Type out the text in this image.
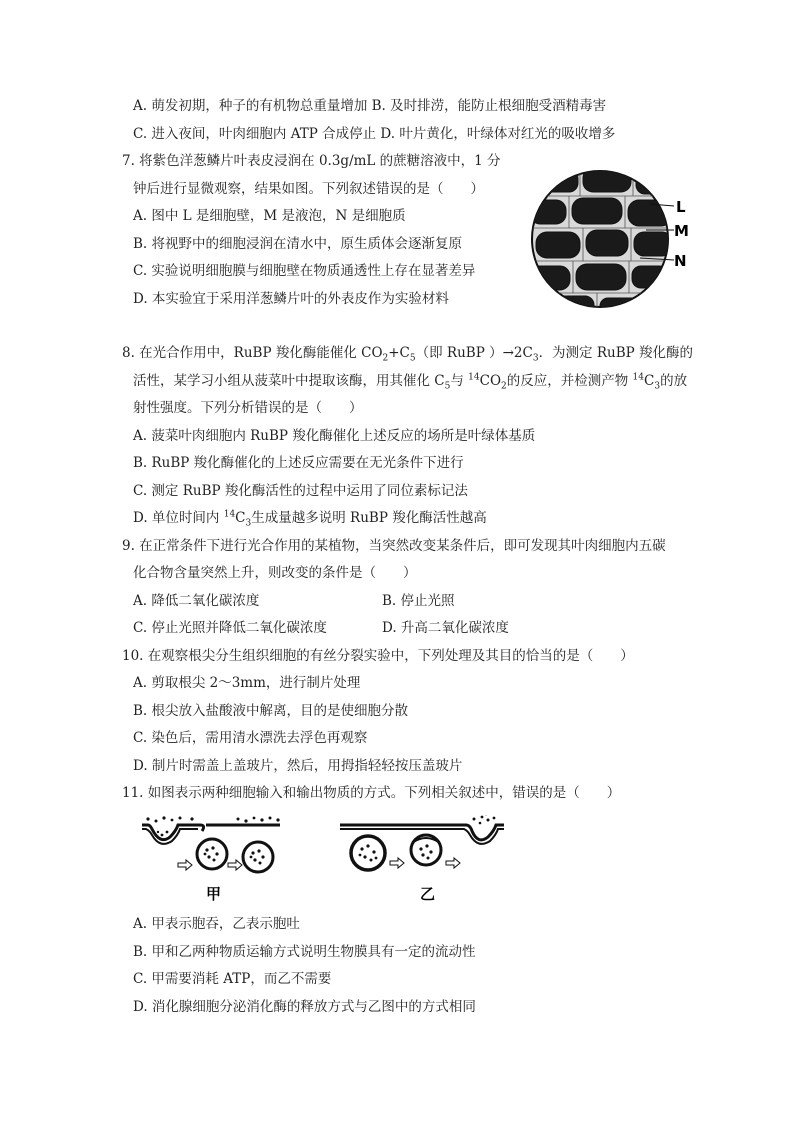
A. 萌发初期，种子的有机物总重量增加 B. 及时排涝，能防止根细胞受酒精毒害
C. 进入夜间，叶肉细胞内 ATP 合成停止 D. 叶片黄化，叶绿体对红光的吸收增多
7. 将紫色洋葱鳞片叶表皮浸润在 0.3g/mL 的蔗糖溶液中，1 分
钟后进行显微观察，结果如图。下列叙述错误的是（　　）
A. 图中 L 是细胞壁，M 是液泡，N 是细胞质
B. 将视野中的细胞浸润在清水中，原生质体会逐渐复原
C. 实验说明细胞膜与细胞壁在物质通透性上存在显著差异
D. 本实验宜于采用洋葱鳞片叶的外表皮作为实验材料
L
M
N
8. 在光合作用中，RuBP 羧化酶能催化 $CO_2+C_5$（即 RuBP ）$\to 2C_3$．为测定 RuBP 羧化酶的
活性，某学习小组从菠菜叶中提取该酶，用其催化 $C_5$与 $^{14}CO_2$的反应，并检测产物 $^{14}C_3$的放
射性强度。下列分析错误的是（　　）
A. 菠菜叶肉细胞内 RuBP 羧化酶催化上述反应的场所是叶绿体基质
B. RuBP 羧化酶催化的上述反应需要在无光条件下进行
C. 测定 RuBP 羧化酶活性的过程中运用了同位素标记法
D. 单位时间内 $^{14}C_3$生成量越多说明 RuBP 羧化酶活性越高
9. 在正常条件下进行光合作用的某植物，当突然改变某条件后，即可发现其叶肉细胞内五碳
化合物含量突然上升，则改变的条件是（　　）
A. 降低二氧化碳浓度	B. 停止光照
C. 停止光照并降低二氧化碳浓度	D. 升高二氧化碳浓度
10. 在观察根尖分生组织细胞的有丝分裂实验中，下列处理及其目的恰当的是（　　）
A. 剪取根尖 2～3mm，进行制片处理
B. 根尖放入盐酸液中解离，目的是使细胞分散
C. 染色后，需用清水漂洗去浮色再观察
D. 制片时需盖上盖玻片，然后，用拇指轻轻按压盖玻片
11. 如图表示两种细胞输入和输出物质的方式。下列相关叙述中，错误的是（　　）
甲	乙
A. 甲表示胞吞，乙表示胞吐
B. 甲和乙两种物质运输方式说明生物膜具有一定的流动性
C. 甲需要消耗 ATP，而乙不需要
D. 消化腺细胞分泌消化酶的释放方式与乙图中的方式相同
